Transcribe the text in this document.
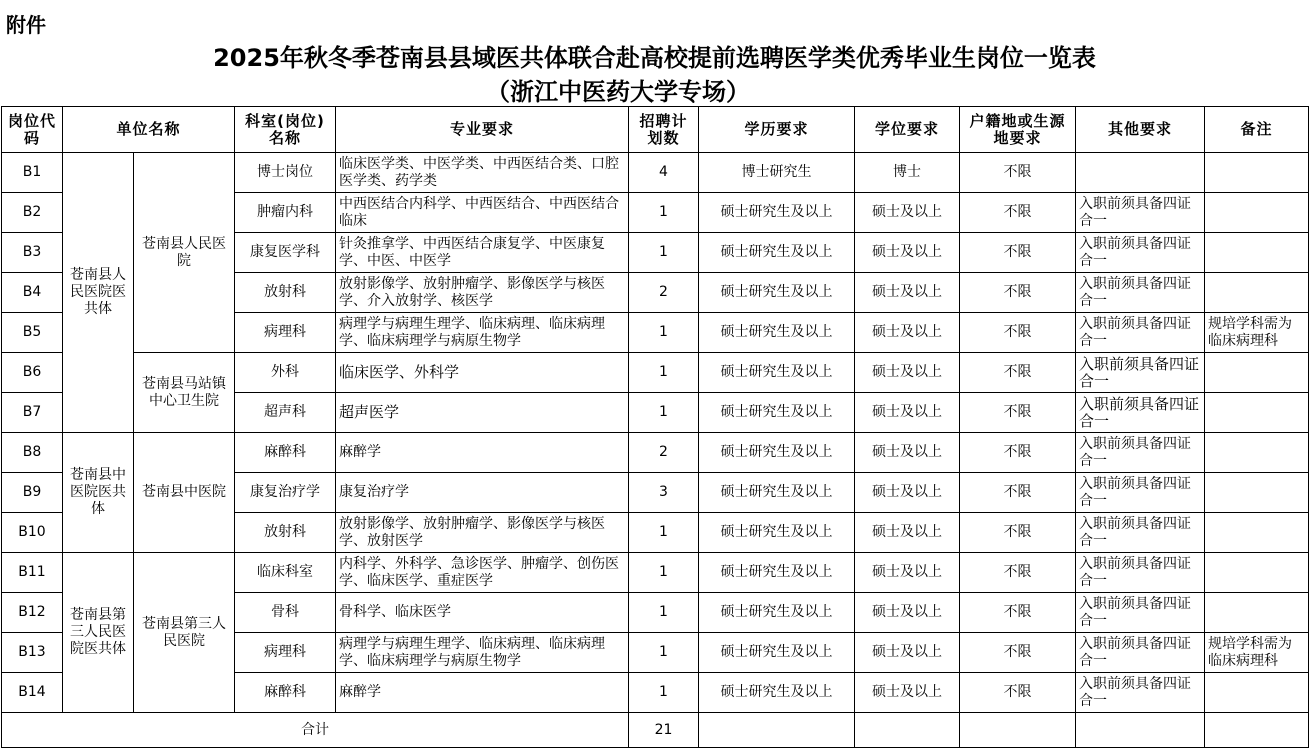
附件
2025年秋冬季苍南县县域医共体联合赴高校提前选聘医学类优秀毕业生岗位一览表
（浙江中医药大学专场）
岗位代码	单位名称		科室(岗位)名称	专业要求	招聘计划数	学历要求	学位要求	户籍地或生源地要求	其他要求	备注
B1	苍南县人民医院医共体	苍南县人民医院	博士岗位	临床医学类、中医学类、中西医结合类、口腔医学类、药学类	4	博士研究生	博士	不限		
B2			肿瘤内科	中西医结合内科学、中西医结合、中西医结合临床	1	硕士研究生及以上	硕士及以上	不限	入职前须具备四证合一	
B3			康复医学科	针灸推拿学、中西医结合康复学、中医康复学、中医、中医学	1	硕士研究生及以上	硕士及以上	不限	入职前须具备四证合一	
B4			放射科	放射影像学、放射肿瘤学、影像医学与核医学、介入放射学、核医学	2	硕士研究生及以上	硕士及以上	不限	入职前须具备四证合一	
B5			病理科	病理学与病理生理学、临床病理、临床病理学、临床病理学与病原生物学	1	硕士研究生及以上	硕士及以上	不限	入职前须具备四证合一	规培学科需为临床病理科
B6		苍南县马站镇中心卫生院	外科	临床医学、外科学	1	硕士研究生及以上	硕士及以上	不限	入职前须具备四证合一	
B7			超声科	超声医学	1	硕士研究生及以上	硕士及以上	不限	入职前须具备四证合一	
B8	苍南县中医院医共体	苍南县中医院	麻醉科	麻醉学	2	硕士研究生及以上	硕士及以上	不限	入职前须具备四证合一	
B9			康复治疗学	康复治疗学	3	硕士研究生及以上	硕士及以上	不限	入职前须具备四证合一	
B10			放射科	放射影像学、放射肿瘤学、影像医学与核医学、放射医学	1	硕士研究生及以上	硕士及以上	不限	入职前须具备四证合一	
B11	苍南县第三人民医院医共体	苍南县第三人民医院	临床科室	内科学、外科学、急诊医学、肿瘤学、创伤医学、临床医学、重症医学	1	硕士研究生及以上	硕士及以上	不限	入职前须具备四证合一	
B12			骨科	骨科学、临床医学	1	硕士研究生及以上	硕士及以上	不限	入职前须具备四证合一	
B13			病理科	病理学与病理生理学、临床病理、临床病理学、临床病理学与病原生物学	1	硕士研究生及以上	硕士及以上	不限	入职前须具备四证合一	规培学科需为临床病理科
B14			麻醉科	麻醉学	1	硕士研究生及以上	硕士及以上	不限	入职前须具备四证合一	
合计					21					
